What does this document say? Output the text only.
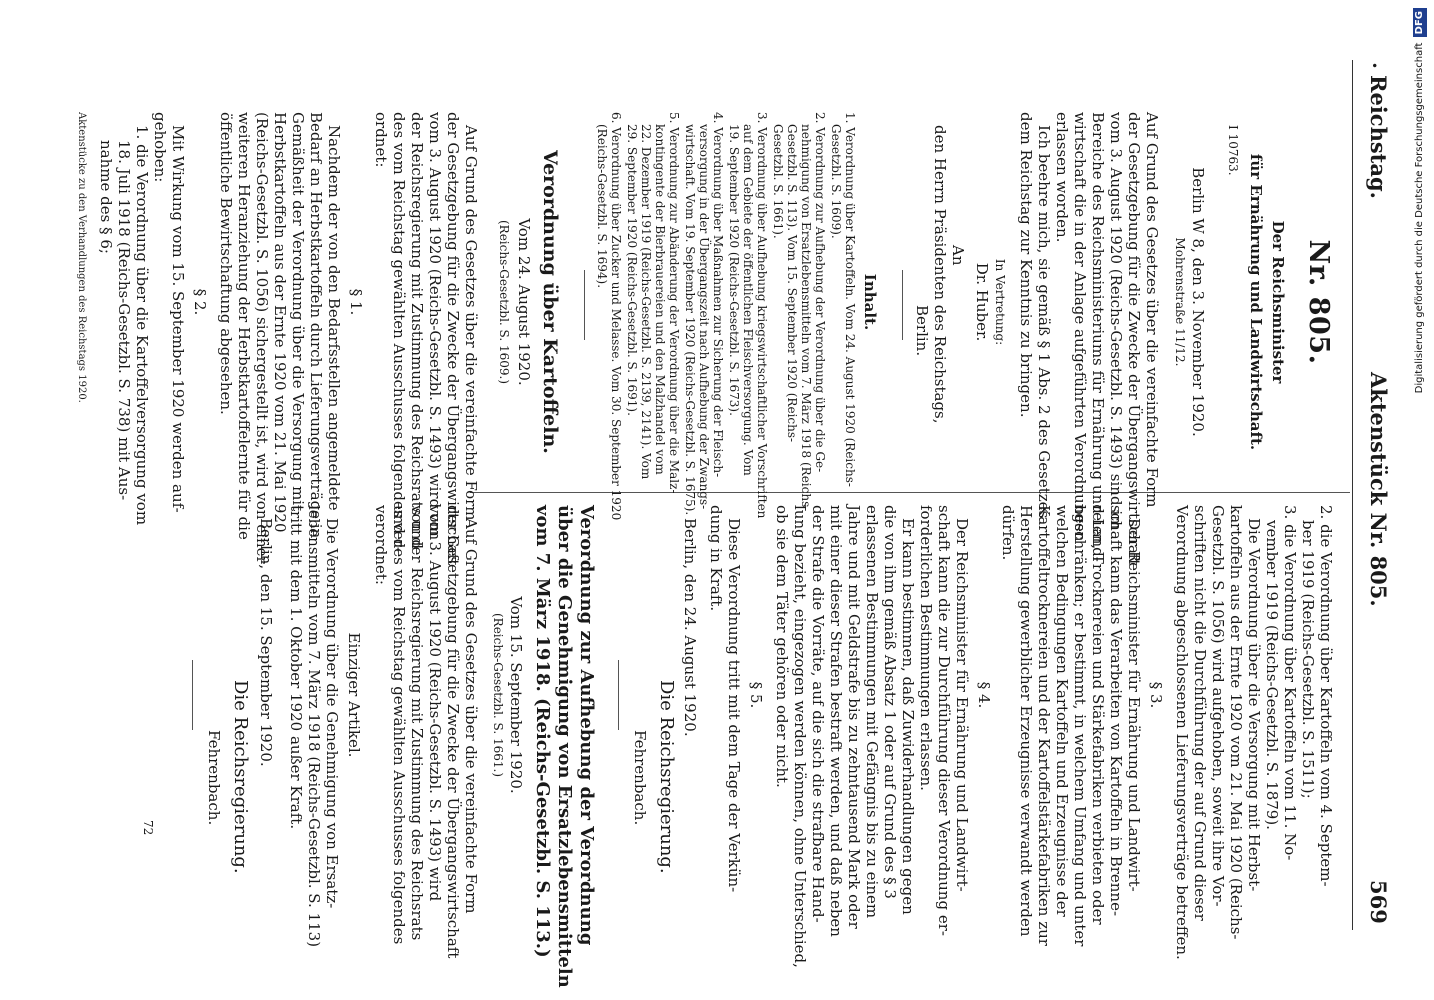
•
Reichstag.
Aktenstück Nr. 805.
569
Nr. 805.
Der Reichsminister
für Ernährung und Landwirtschaft.
I 10763.
Berlin W 8, den 3. November 1920.
Mohrenstraße 11/12.
Auf Grund des Gesetzes über die vereinfachte Form
der Gesetzgebung für die Zwecke der Übergangswirtschaft
vom 3. August 1920 (Reichs-Gesetzbl. S. 1493) sind im
Bereiche des Reichsministeriums für Ernährung und Land-
wirtschaft die in der Anlage aufgeführten Verordnungen
erlassen worden.
Ich beehre mich, sie gemäß § 1 Abs. 2 des Gesetzes
dem Reichstag zur Kenntnis zu bringen.
In Vertretung:
Dr. Huber.
An
den Herrn Präsidenten des Reichstags,
Berlin.
Inhalt.
1. Verordnung über Kartoffeln. Vom 24. August 1920 (Reichs-
Gesetzbl. S. 1609).
2. Verordnung zur Aufhebung der Verordnung über die Ge-
nehmigung von Ersatzlebensmitteln vom 7. März 1918 (Reichs-
Gesetzbl. S. 113). Vom 15. September 1920 (Reichs-
Gesetzbl. S. 1661).
3. Verordnung über Aufhebung kriegswirtschaftlicher Vorschriften
auf dem Gebiete der öffentlichen Fleischversorgung. Vom
19. September 1920 (Reichs-Gesetzbl. S. 1673).
4. Verordnung über Maßnahmen zur Sicherung der Fleisch-
versorgung in der Übergangszeit nach Aufhebung der Zwangs-
wirtschaft. Vom 19. September 1920 (Reichs-Gesetzbl. S. 1675).
5. Verordnung zur Abänderung der Verordnung über die Malz-
kontingente der Bierbrauereien und den Malzhandel vom
22. Dezember 1919 (Reichs-Gesetzbl. S. 2139, 2141). Vom
29. September 1920 (Reichs-Gesetzbl. S. 1691).
6. Verordnung über Zucker und Melasse. Vom 30. September 1920
(Reichs-Gesetzbl. S. 1694).
Verordnung über Kartoffeln.
Vom 24. August 1920.
(Reichs-Gesetzbl. S. 1609.)
2. die Verordnung über Kartoffeln vom 4. Septem-
ber 1919 (Reichs-Gesetzbl. S. 1511);
3. die Verordnung über Kartoffeln vom 11. No-
vember 1919 (Reichs-Gesetzbl. S. 1879).
Die Verordnung über die Versorgung mit Herbst-
kartoffeln aus der Ernte 1920 vom 21. Mai 1920 (Reichs-
Gesetzbl. S. 1056) wird aufgehoben, soweit ihre Vor-
schriften nicht die Durchführung der auf Grund dieser
Verordnung abgeschlossenen Lieferungsverträge betreffen.
§ 3.
Der Reichsminister für Ernährung und Landwirt-
schaft kann das Verarbeiten von Kartoffeln in Brenne-
reien, Trocknereien und Stärkefabriken verbieten oder
beschränken; er bestimmt, in welchem Umfang und unter
welchen Bedingungen Kartoffeln und Erzeugnisse der
Kartoffeltrocknereien und der Kartoffelstärkefabriken zur
Herstellung gewerblicher Erzeugnisse verwandt werden
dürfen.
§ 4.
Der Reichsminister für Ernährung und Landwirt-
schaft kann die zur Durchführung dieser Verordnung er-
forderlichen Bestimmungen erlassen.
Er kann bestimmen, daß Zuwiderhandlungen gegen
die von ihm gemäß Absatz 1 oder auf Grund des § 3
erlassenen Bestimmungen mit Gefängnis bis zu einem
Jahre und mit Geldstrafe bis zu zehntausend Mark oder
mit einer dieser Strafen bestraft werden, und daß neben
der Strafe die Vorräte, auf die sich die strafbare Hand-
lung bezieht, eingezogen werden können, ohne Unterschied,
ob sie dem Täter gehören oder nicht.
§ 5.
Diese Verordnung tritt mit dem Tage der Verkün-
dung in Kraft.
Berlin, den 24. August 1920.
Die Reichsregierung.
Fehrenbach.
Verordnung zur Aufhebung der Verordnung
über die Genehmigung von Ersatzlebensmitteln
vom 7. März 1918. (Reichs-Gesetzbl. S. 113.)
Vom 15. September 1920.
(Reichs-Gesetzbl. S. 1661.)
Auf Grund des Gesetzes über die vereinfachte Form
der Gesetzgebung für die Zwecke der Übergangswirtschaft
vom 3. August 1920 (Reichs-Gesetzbl. S. 1493) wird von
der Reichsregierung mit Zustimmung des Reichsrats und
des vom Reichstag gewählten Ausschusses folgendes ver-
ordnet:
§ 1.
Nachdem der von den Bedarfsstellen angemeldete
Bedarf an Herbstkartoffeln durch Lieferungsverträge in
Gemäßheit der Verordnung über die Versorgung mit
Herbstkartoffeln aus der Ernte 1920 vom 21. Mai 1920
(Reichs-Gesetzbl. S. 1056) sichergestellt ist, wird von einer
weiteren Heranziehung der Herbstkartoffelernte für die
öffentliche Bewirtschaftung abgesehen.
§ 2.
Mit Wirkung vom 15. September 1920 werden auf-
gehoben:
1. die Verordnung über die Kartoffelversorgung vom
18. Juli 1918 (Reichs-Gesetzbl. S. 738) mit Aus-
nahme des § 6;
Aktenstücke zu den Verhandlungen des Reichstags 1920.
Auf Grund des Gesetzes über die vereinfachte Form
der Gesetzgebung für die Zwecke der Übergangswirtschaft
vom 3. August 1920 (Reichs-Gesetzbl. S. 1493) wird
von der Reichsregierung mit Zustimmung des Reichsrats
und des vom Reichstag gewählten Ausschusses folgendes
verordnet:
Einziger Artikel.
Die Verordnung über die Genehmigung von Ersatz-
lebensmitteln vom 7. März 1918 (Reichs-Gesetzbl. S. 113)
tritt mit dem 1. Oktober 1920 außer Kraft.
Berlin, den 15. September 1920.
Die Reichsregierung.
Fehrenbach.
72
Digitalisierung gefördert durch die Deutsche Forschungsgemeinschaft DFG
